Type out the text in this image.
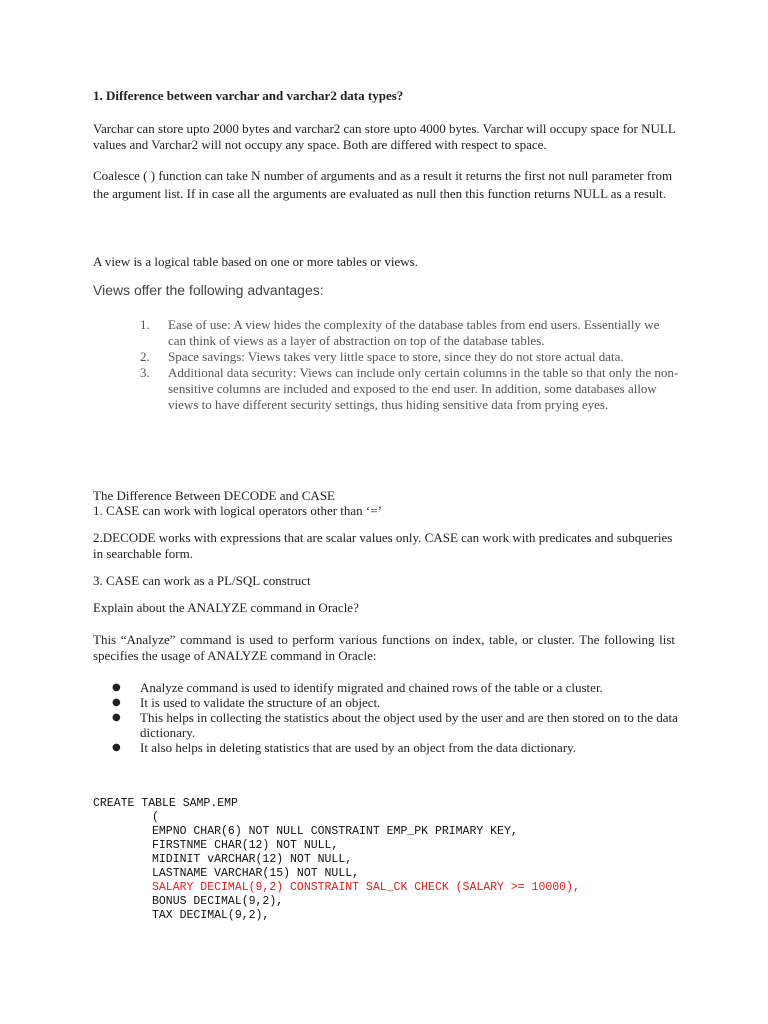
1. Difference between varchar and varchar2 data types?

Varchar can store upto 2000 bytes and varchar2 can store upto 4000 bytes. Varchar will occupy space for NULL values and Varchar2 will not occupy any space. Both are differed with respect to space.

Coalesce ( ) function can take N number of arguments and as a result it returns the first not null parameter from the argument list. If in case all the arguments are evaluated as null then this function returns NULL as a result.

A view is a logical table based on one or more tables or views.

Views offer the following advantages:

1. Ease of use: A view hides the complexity of the database tables from end users. Essentially we can think of views as a layer of abstraction on top of the database tables.
2. Space savings: Views takes very little space to store, since they do not store actual data.
3. Additional data security: Views can include only certain columns in the table so that only the non-sensitive columns are included and exposed to the end user. In addition, some databases allow views to have different security settings, thus hiding sensitive data from prying eyes.

The Difference Between DECODE and CASE

1. CASE can work with logical operators other than ‘=’

2.DECODE works with expressions that are scalar values only. CASE can work with predicates and subqueries in searchable form.

3. CASE can work as a PL/SQL construct

Explain about the ANALYZE command in Oracle?

This “Analyze” command is used to perform various functions on index, table, or cluster. The following list specifies the usage of ANALYZE command in Oracle:

● Analyze command is used to identify migrated and chained rows of the table or a cluster.
● It is used to validate the structure of an object.
● This helps in collecting the statistics about the object used by the user and are then stored on to the data dictionary.
● It also helps in deleting statistics that are used by an object from the data dictionary.
CREATE TABLE SAMP.EMP

(
EMPNO CHAR(6) NOT NULL CONSTRAINT EMP_PK PRIMARY KEY,
FIRSTNME CHAR(12) NOT NULL,
MIDINIT vARCHAR(12) NOT NULL,
LASTNAME VARCHAR(15) NOT NULL,
SALARY DECIMAL(9,2) CONSTRAINT SAL_CK CHECK (SALARY >= 10000),
BONUS DECIMAL(9,2),
TAX DECIMAL(9,2),
